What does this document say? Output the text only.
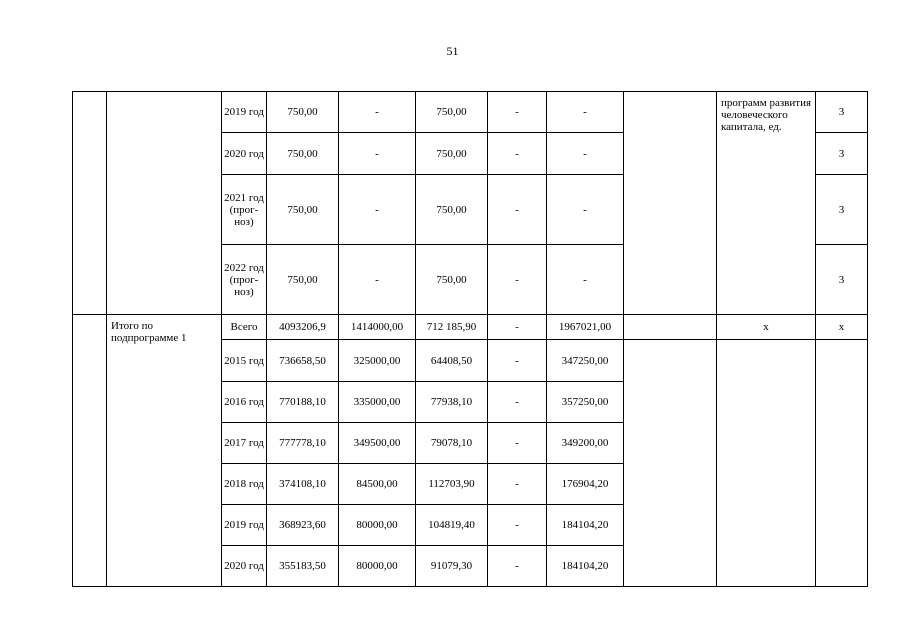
51
		2019 год	750,00	-	750,00	-	-		программ развития человеческого капитала, ед.	3
		2020 год	750,00	-	750,00	-	-			3
		2021 год (прог-ноз)	750,00	-	750,00	-	-			3
		2022 год (прог-ноз)	750,00	-	750,00	-	-			3
	Итого по подпрограмме 1	Всего	4093206,9	1414000,00	712 185,90	-	1967021,00		х	х
		2015 год	736658,50	325000,00	64408,50	-	347250,00			
		2016 год	770188,10	335000,00	77938,10	-	357250,00			
		2017 год	777778,10	349500,00	79078,10	-	349200,00			
		2018 год	374108,10	84500,00	112703,90	-	176904,20			
		2019 год	368923,60	80000,00	104819,40	-	184104,20			
		2020 год	355183,50	80000,00	91079,30	-	184104,20			
